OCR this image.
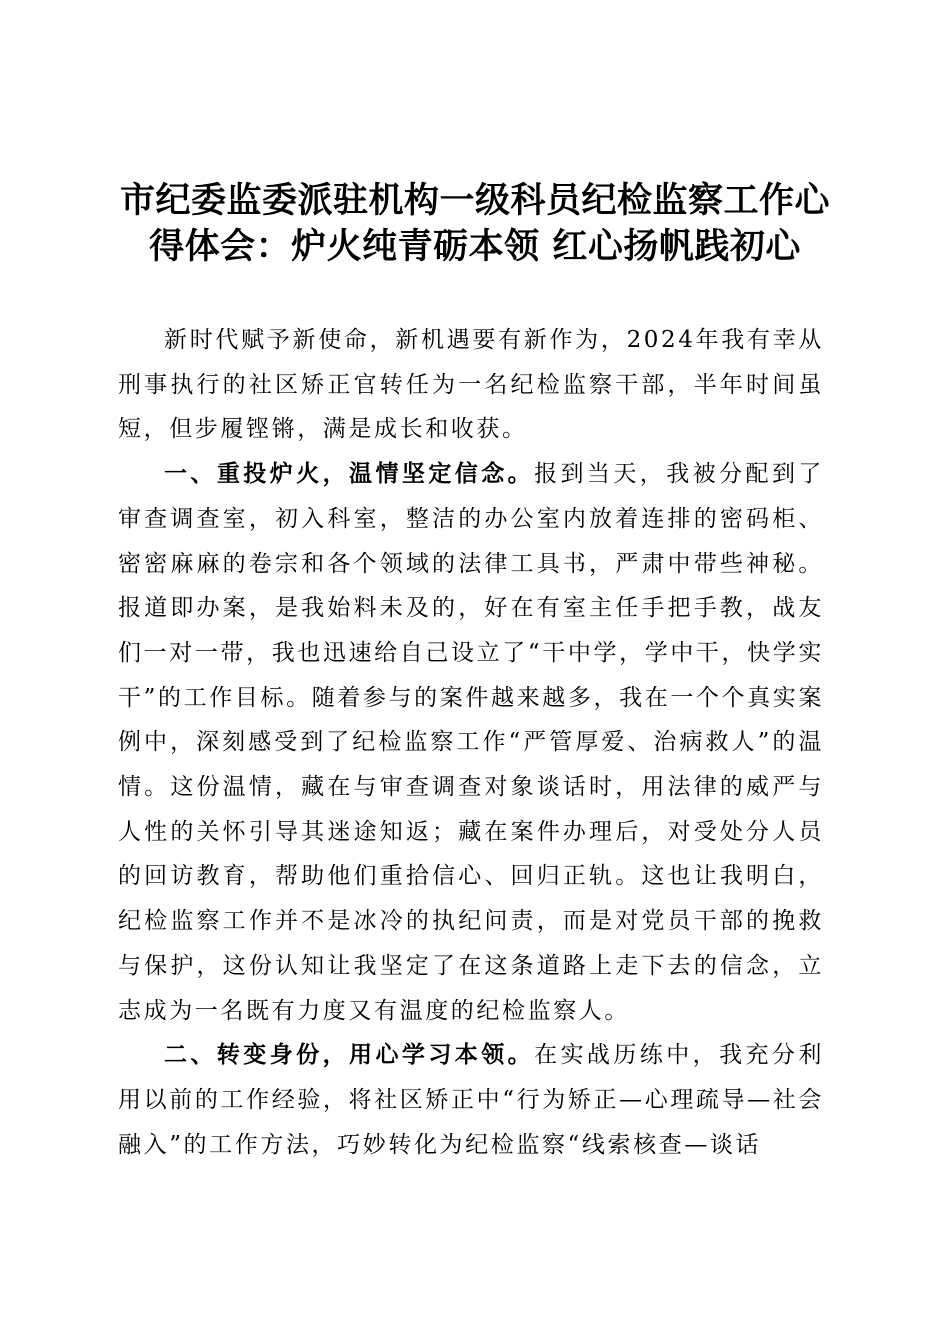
市纪委监委派驻机构一级科员纪检监察工作心
得体会：炉火纯青砺本领 红心扬帆践初心

新时代赋予新使命，新机遇要有新作为，2024年我有幸从刑事执行的社区矫正官转任为一名纪检监察干部，半年时间虽短，但步履铿锵，满是成长和收获。

一、重投炉火，温情坚定信念。报到当天，我被分配到了审查调查室，初入科室，整洁的办公室内放着连排的密码柜、密密麻麻的卷宗和各个领域的法律工具书，严肃中带些神秘。报道即办案，是我始料未及的，好在有室主任手把手教，战友们一对一带，我也迅速给自己设立了“干中学，学中干，快学实干”的工作目标。随着参与的案件越来越多，我在一个个真实案例中，深刻感受到了纪检监察工作“严管厚爱、治病救人”的温情。这份温情，藏在与审查调查对象谈话时，用法律的威严与人性的关怀引导其迷途知返；藏在案件办理后，对受处分人员的回访教育，帮助他们重拾信心、回归正轨。这也让我明白，纪检监察工作并不是冰冷的执纪问责，而是对党员干部的挽救与保护，这份认知让我坚定了在这条道路上走下去的信念，立志成为一名既有力度又有温度的纪检监察人。

二、转变身份，用心学习本领。在实战历练中，我充分利用以前的工作经验，将社区矫正中“行为矫正—心理疏导—社会融入”的工作方法，巧妙转化为纪检监察“线索核查—谈话
